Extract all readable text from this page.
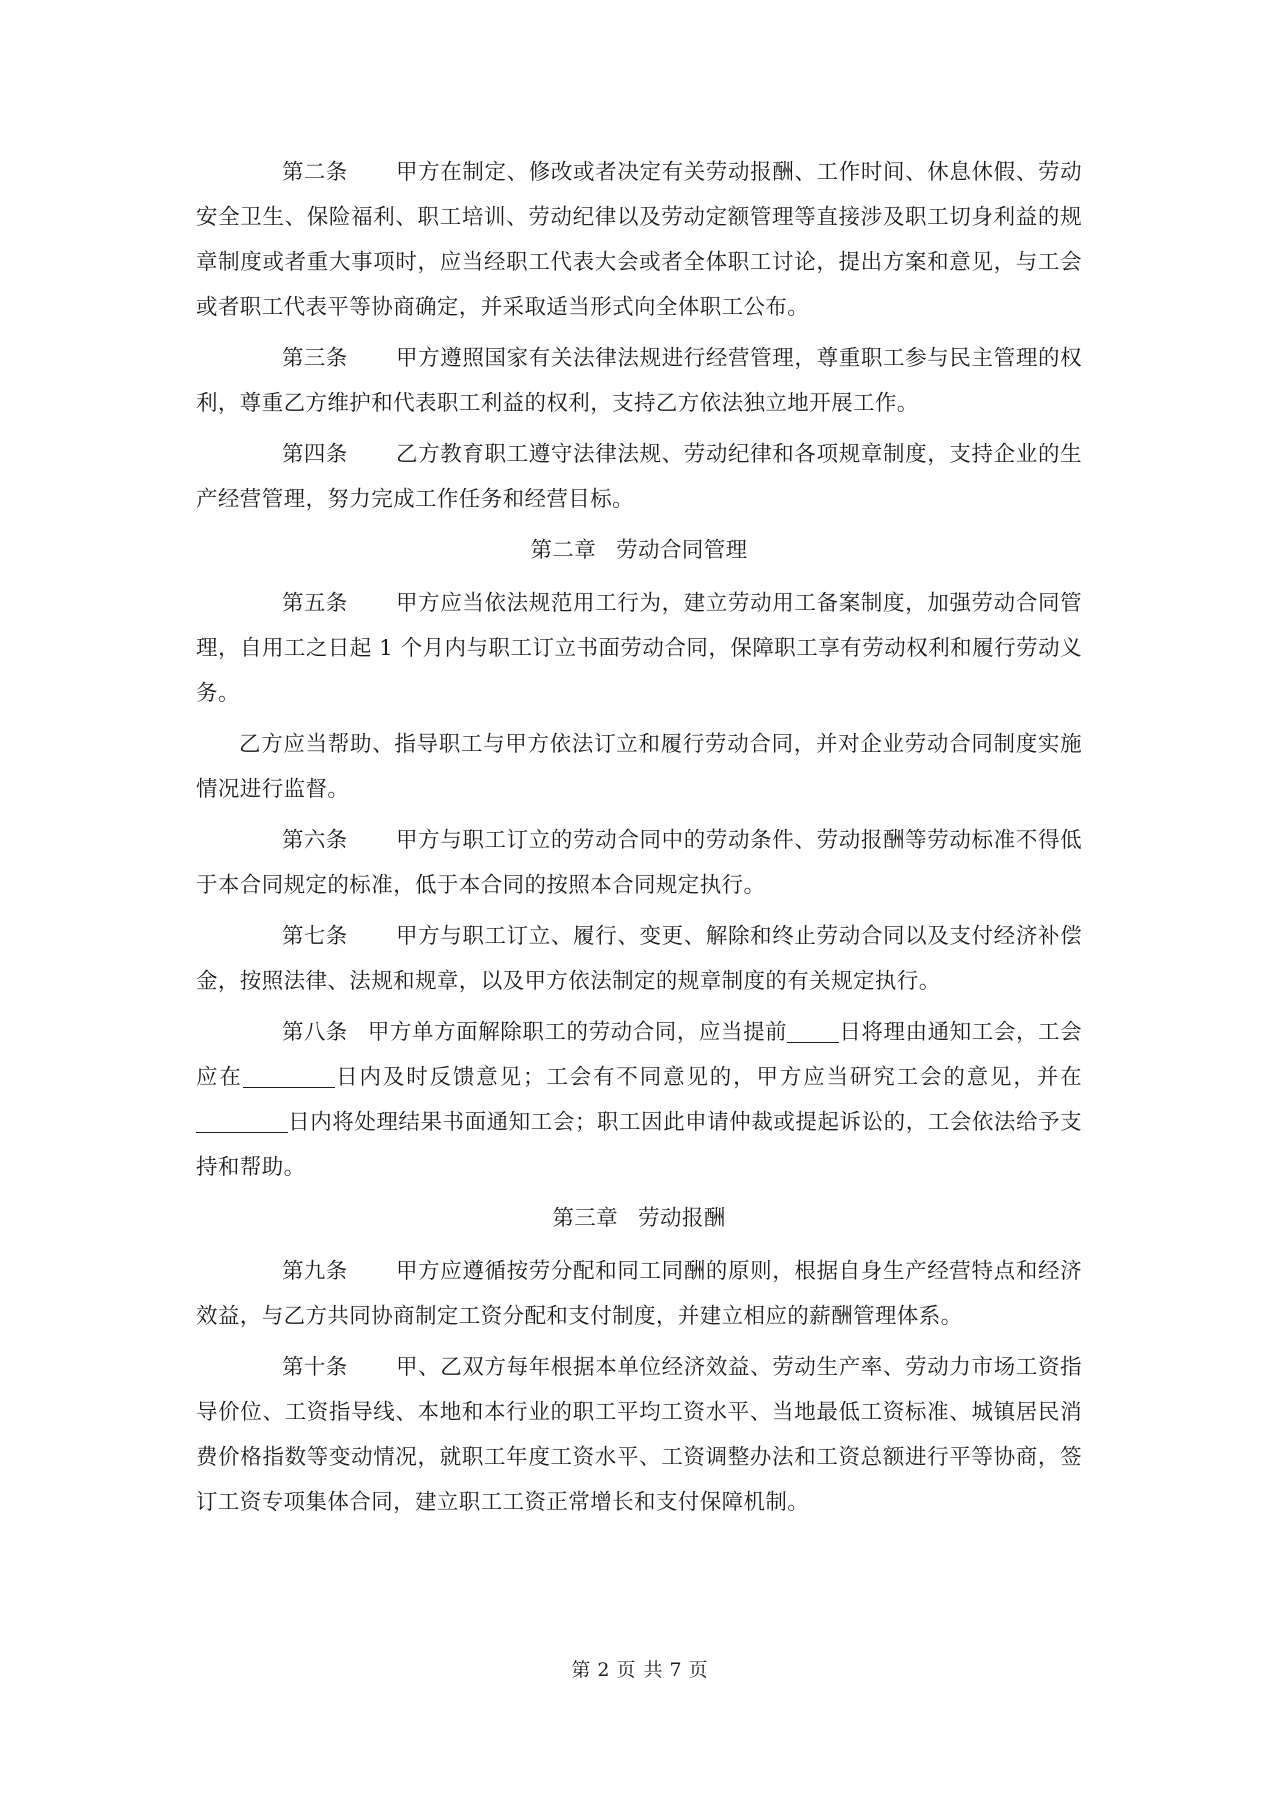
第二条 甲方在制定、修改或者决定有关劳动报酬、工作时间、休息休假、劳动安全卫生、保险福利、职工培训、劳动纪律以及劳动定额管理等直接涉及职工切身利益的规章制度或者重大事项时，应当经职工代表大会或者全体职工讨论，提出方案和意见，与工会或者职工代表平等协商确定，并采取适当形式向全体职工公布。

第三条 甲方遵照国家有关法律法规进行经营管理，尊重职工参与民主管理的权利，尊重乙方维护和代表职工利益的权利，支持乙方依法独立地开展工作。

第四条 乙方教育职工遵守法律法规、劳动纪律和各项规章制度，支持企业的生产经营管理，努力完成工作任务和经营目标。

第二章 劳动合同管理

第五条 甲方应当依法规范用工行为，建立劳动用工备案制度，加强劳动合同管理，自用工之日起 1 个月内与职工订立书面劳动合同，保障职工享有劳动权利和履行劳动义务。

乙方应当帮助、指导职工与甲方依法订立和履行劳动合同，并对企业劳动合同制度实施情况进行监督。

第六条 甲方与职工订立的劳动合同中的劳动条件、劳动报酬等劳动标准不得低于本合同规定的标准，低于本合同的按照本合同规定执行。

第七条 甲方与职工订立、履行、变更、解除和终止劳动合同以及支付经济补偿金，按照法律、法规和规章，以及甲方依法制定的规章制度的有关规定执行。

第八条 甲方单方面解除职工的劳动合同，应当提前 日将理由通知工会，工会应在	日内及时反馈意见；工会有不同意见的，甲方应当研究工会的意见，并在日内将处理结果书面通知工会；职工因此申请仲裁或提起诉讼的，工会依法给予支持和帮助。

第三章 劳动报酬

第九条 甲方应遵循按劳分配和同工同酬的原则，根据自身生产经营特点和经济效益，与乙方共同协商制定工资分配和支付制度，并建立相应的薪酬管理体系。

第十条 甲、乙双方每年根据本单位经济效益、劳动生产率、劳动力市场工资指导价位、工资指导线、本地和本行业的职工平均工资水平、当地最低工资标准、城镇居民消费价格指数等变动情况，就职工年度工资水平、工资调整办法和工资总额进行平等协商，签订工资专项集体合同，建立职工工资正常增长和支付保障机制。

第 2 页 共 7 页
